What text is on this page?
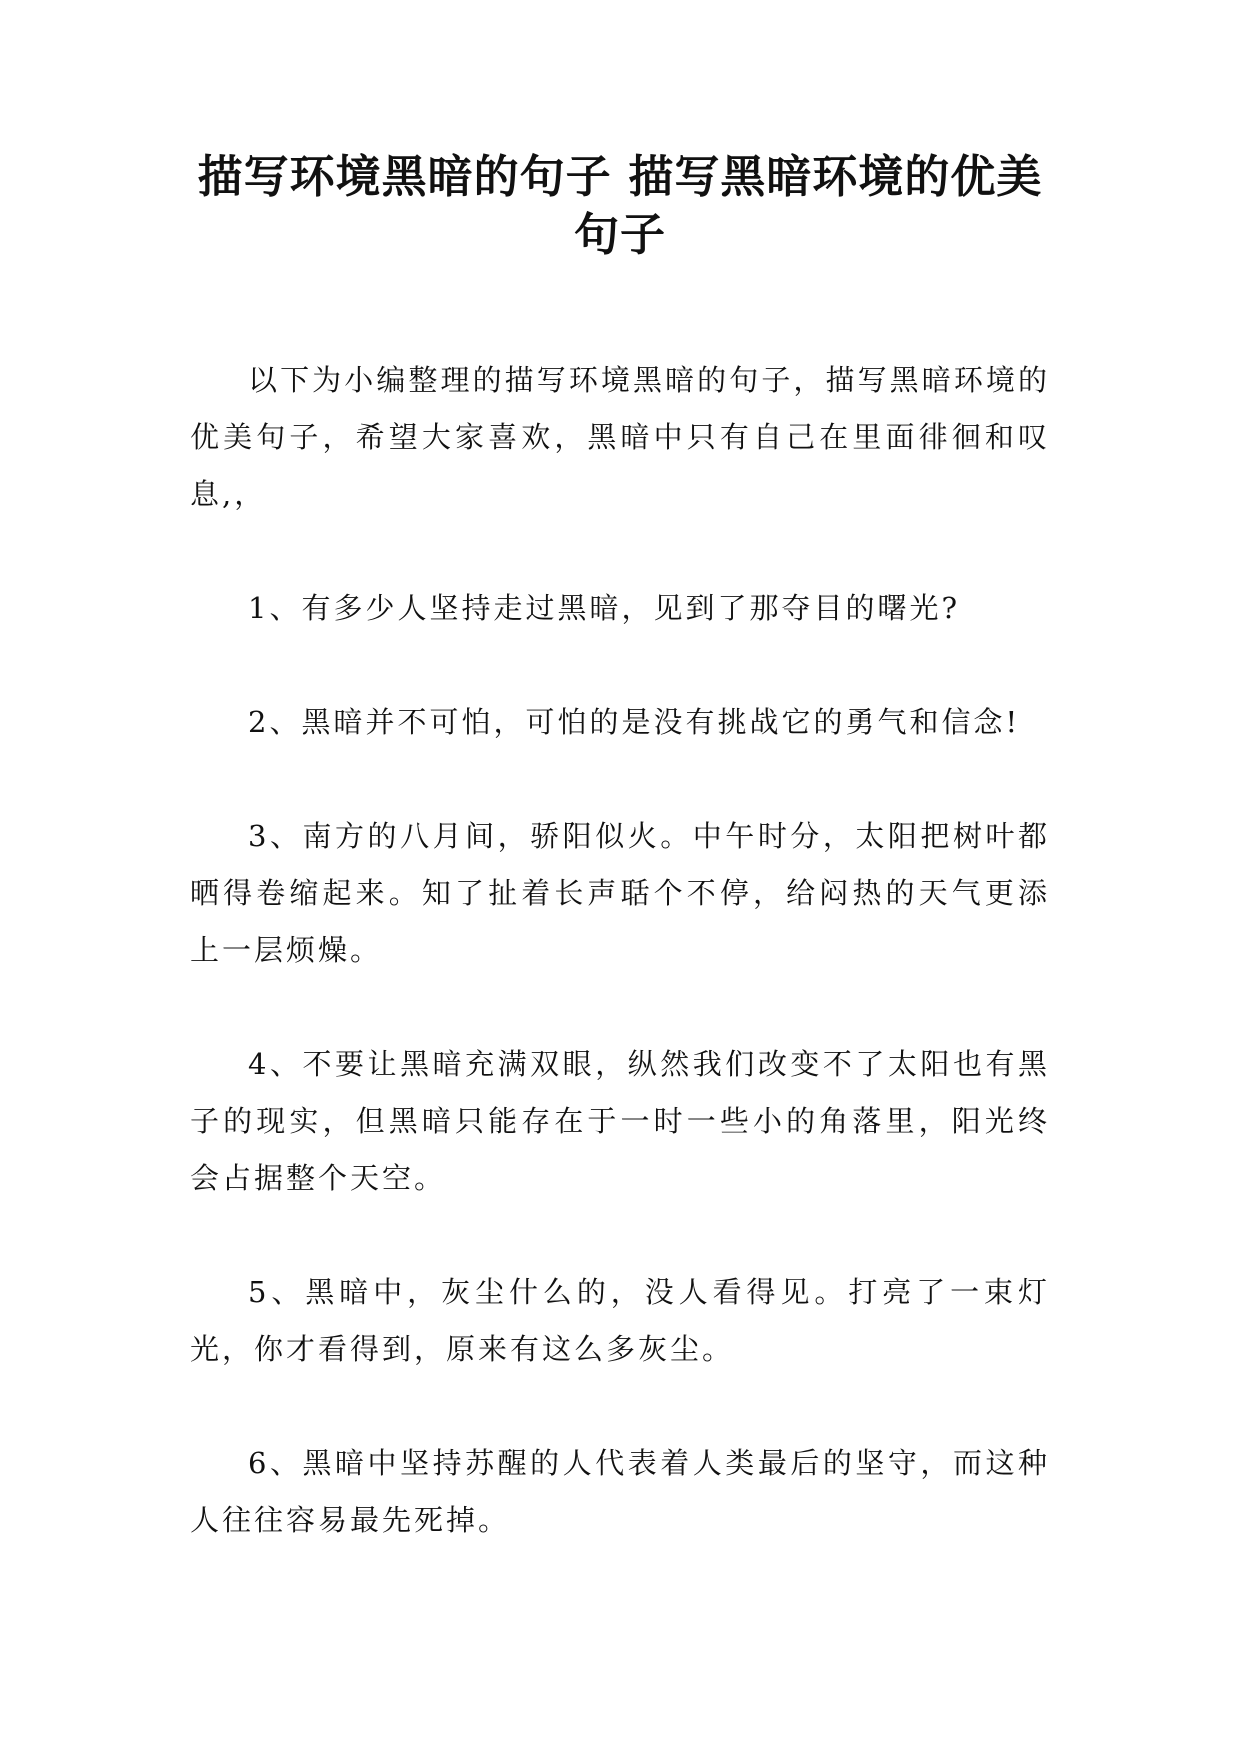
描写环境黑暗的句子 描写黑暗环境的优美句子

以下为小编整理的描写环境黑暗的句子，描写黑暗环境的优美句子，希望大家喜欢，黑暗中只有自己在里面徘徊和叹息,，

1、有多少人坚持走过黑暗，见到了那夺目的曙光?

2、黑暗并不可怕，可怕的是没有挑战它的勇气和信念!

3、南方的八月间，骄阳似火。中午时分，太阳把树叶都晒得卷缩起来。知了扯着长声聒个不停，给闷热的天气更添上一层烦燥。

4、不要让黑暗充满双眼，纵然我们改变不了太阳也有黑子的现实，但黑暗只能存在于一时一些小的角落里，阳光终会占据整个天空。

5、黑暗中，灰尘什么的，没人看得见。打亮了一束灯光，你才看得到，原来有这么多灰尘。

6、黑暗中坚持苏醒的人代表着人类最后的坚守，而这种人往往容易最先死掉。
